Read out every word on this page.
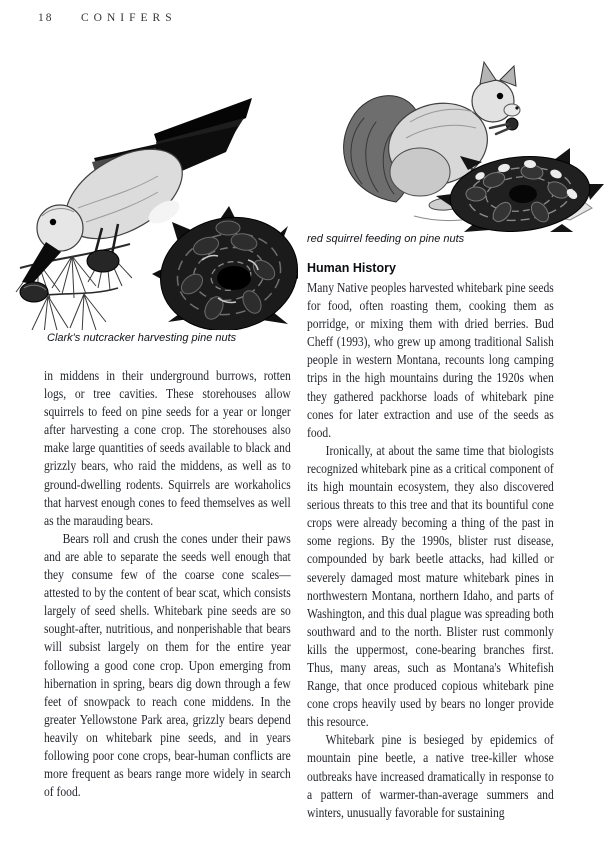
18 CONIFERS
Clark's nutcracker harvesting pine nuts
red squirrel feeding on pine nuts
Human History

in middens in their underground burrows, rotten logs, or tree cavities. These storehouses allow squirrels to feed on pine seeds for a year or longer after harvesting a cone crop. The storehouses also make large quantities of seeds available to black and grizzly bears, who raid the middens, as well as to ground-dwelling rodents. Squirrels are workaholics that harvest enough cones to feed themselves as well as the marauding bears.

Bears roll and crush the cones under their paws and are able to separate the seeds well enough that they consume few of the coarse cone scales—attested to by the content of bear scat, which consists largely of seed shells. Whitebark pine seeds are so sought-after, nutritious, and nonperishable that bears will subsist largely on them for the entire year following a good cone crop. Upon emerging from hibernation in spring, bears dig down through a few feet of snowpack to reach cone middens. In the greater Yellowstone Park area, grizzly bears depend heavily on whitebark pine seeds, and in years following poor cone crops, bear-human conflicts are more frequent as bears range more widely in search of food.

Many Native peoples harvested whitebark pine seeds for food, often roasting them, cooking them as porridge, or mixing them with dried berries. Bud Cheff (1993), who grew up among traditional Salish people in western Montana, recounts long camping trips in the high mountains during the 1920s when they gathered packhorse loads of whitebark pine cones for later extraction and use of the seeds as food.

Ironically, at about the same time that biologists recognized whitebark pine as a critical component of its high mountain ecosystem, they also discovered serious threats to this tree and that its bountiful cone crops were already becoming a thing of the past in some regions. By the 1990s, blister rust disease, compounded by bark beetle attacks, had killed or severely damaged most mature whitebark pines in northwestern Montana, northern Idaho, and parts of Washington, and this dual plague was spreading both southward and to the north. Blister rust commonly kills the uppermost, cone-bearing branches first. Thus, many areas, such as Montana's Whitefish Range, that once produced copious whitebark pine cone crops heavily used by bears no longer provide this resource.

Whitebark pine is besieged by epidemics of mountain pine beetle, a native tree-killer whose outbreaks have increased dramatically in response to a pattern of warmer-than-average summers and winters, unusually favorable for sustaining
